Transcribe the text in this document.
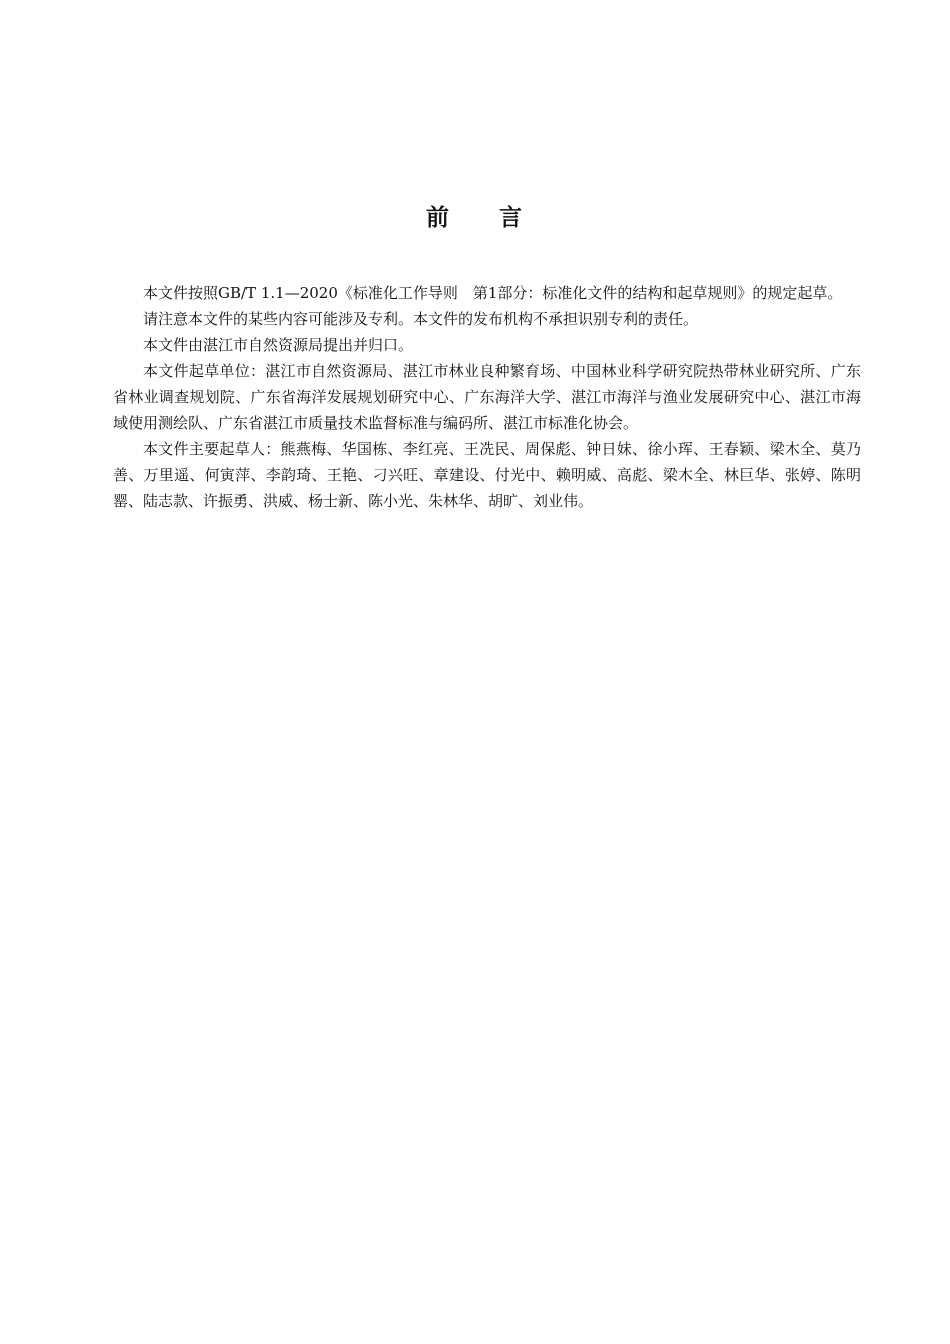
前 言

本文件按照GB/T 1.1—2020《标准化工作导则　第1部分：标准化文件的结构和起草规则》的规定起草。

请注意本文件的某些内容可能涉及专利。本文件的发布机构不承担识别专利的责任。

本文件由湛江市自然资源局提出并归口。

本文件起草单位：湛江市自然资源局、湛江市林业良种繁育场、中国林业科学研究院热带林业研究所、广东省林业调查规划院、广东省海洋发展规划研究中心、广东海洋大学、湛江市海洋与渔业发展研究中心、湛江市海域使用测绘队、广东省湛江市质量技术监督标准与编码所、湛江市标准化协会。

本文件主要起草人：熊燕梅、华国栋、李红亮、王冼民、周保彪、钟日妹、徐小珲、王春颖、梁木全、莫乃善、万里遥、何寅萍、李韵琦、王艳、刁兴旺、章建设、付光中、赖明威、高彪、梁木全、林巨华、张婷、陈明罂、陆志款、许振勇、洪威、杨士新、陈小光、朱林华、胡旷、刘业伟。
